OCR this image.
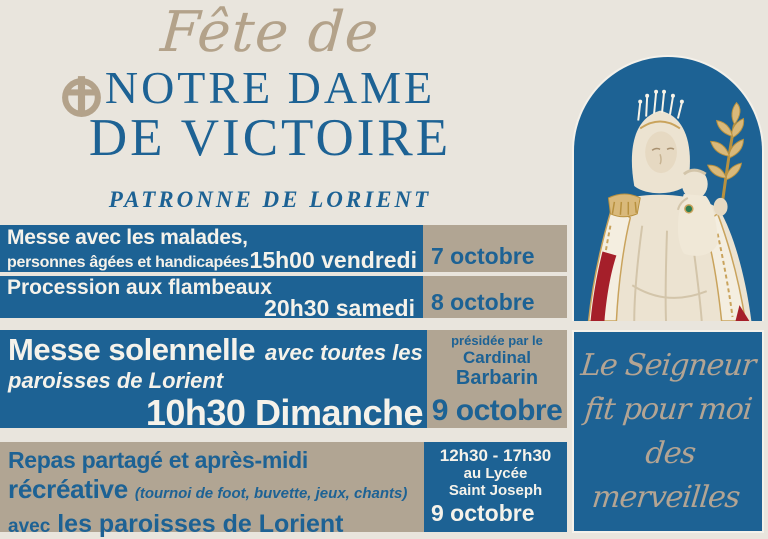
Fête de
NOTRE DAME
DE VICTOIRE
PATRONNE DE LORIENT
Messe avec les malades,
personnes âgées et handicapées 15h00 vendredi 7 octobre
Procession aux flambeaux
20h30 samedi 8 octobre
Messe solennelle avec toutes les
paroisses de Lorient
10h30 Dimanche
présidée par le
Cardinal
Barbarin
9 octobre
Repas partagé et après-midi
récréative (tournoi de foot, buvette, jeux, chants)
avec les paroisses de Lorient
12h30 - 17h30
au Lycée
Saint Joseph
9 octobre
Le Seigneur
fit pour moi
des merveilles
